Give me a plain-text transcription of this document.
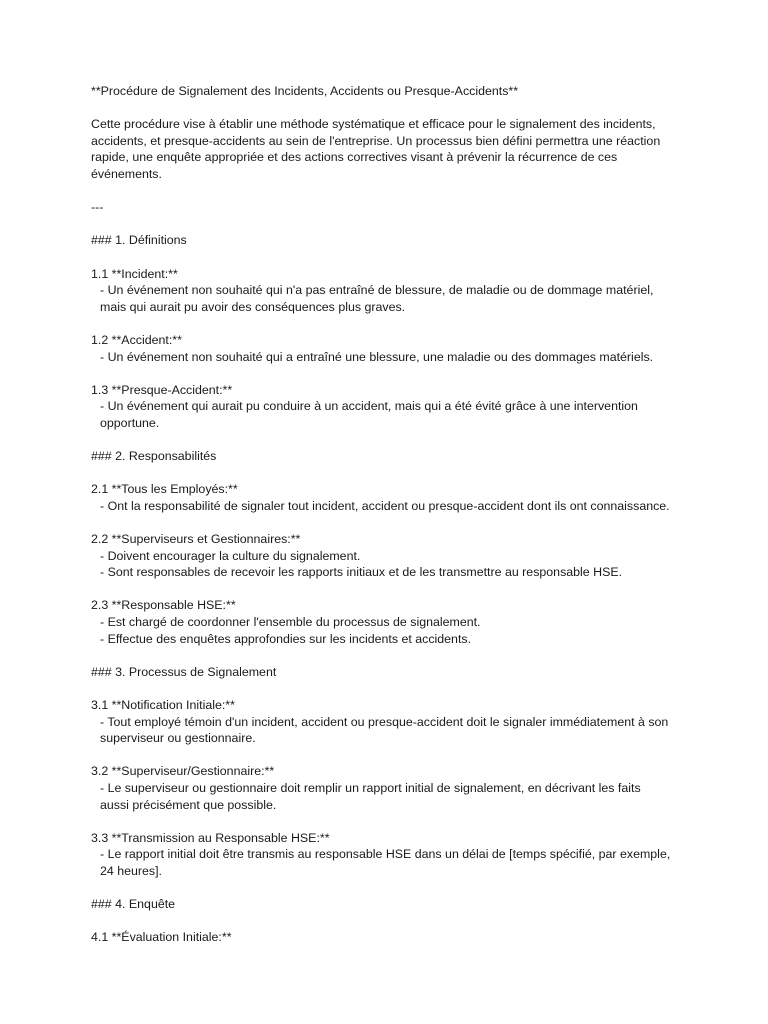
**Procédure de Signalement des Incidents, Accidents ou Presque-Accidents**

Cette procédure vise à établir une méthode systématique et efficace pour le signalement des incidents, accidents, et presque-accidents au sein de l'entreprise. Un processus bien défini permettra une réaction rapide, une enquête appropriée et des actions correctives visant à prévenir la récurrence de ces événements.

---

### 1. Définitions

1.1 **Incident:**

- Un événement non souhaité qui n'a pas entraîné de blessure, de maladie ou de dommage matériel, mais qui aurait pu avoir des conséquences plus graves.

1.2 **Accident:**

- Un événement non souhaité qui a entraîné une blessure, une maladie ou des dommages matériels.

1.3 **Presque-Accident:**

- Un événement qui aurait pu conduire à un accident, mais qui a été évité grâce à une intervention opportune.

### 2. Responsabilités

2.1 **Tous les Employés:**

- Ont la responsabilité de signaler tout incident, accident ou presque-accident dont ils ont connaissance.

2.2 **Superviseurs et Gestionnaires:**

- Doivent encourager la culture du signalement.

- Sont responsables de recevoir les rapports initiaux et de les transmettre au responsable HSE.

2.3 **Responsable HSE:**

- Est chargé de coordonner l'ensemble du processus de signalement.

- Effectue des enquêtes approfondies sur les incidents et accidents.

### 3. Processus de Signalement

3.1 **Notification Initiale:**

- Tout employé témoin d'un incident, accident ou presque-accident doit le signaler immédiatement à son superviseur ou gestionnaire.

3.2 **Superviseur/Gestionnaire:**

- Le superviseur ou gestionnaire doit remplir un rapport initial de signalement, en décrivant les faits aussi précisément que possible.

3.3 **Transmission au Responsable HSE:**

- Le rapport initial doit être transmis au responsable HSE dans un délai de [temps spécifié, par exemple, 24 heures].

### 4. Enquête

4.1 **Évaluation Initiale:**
